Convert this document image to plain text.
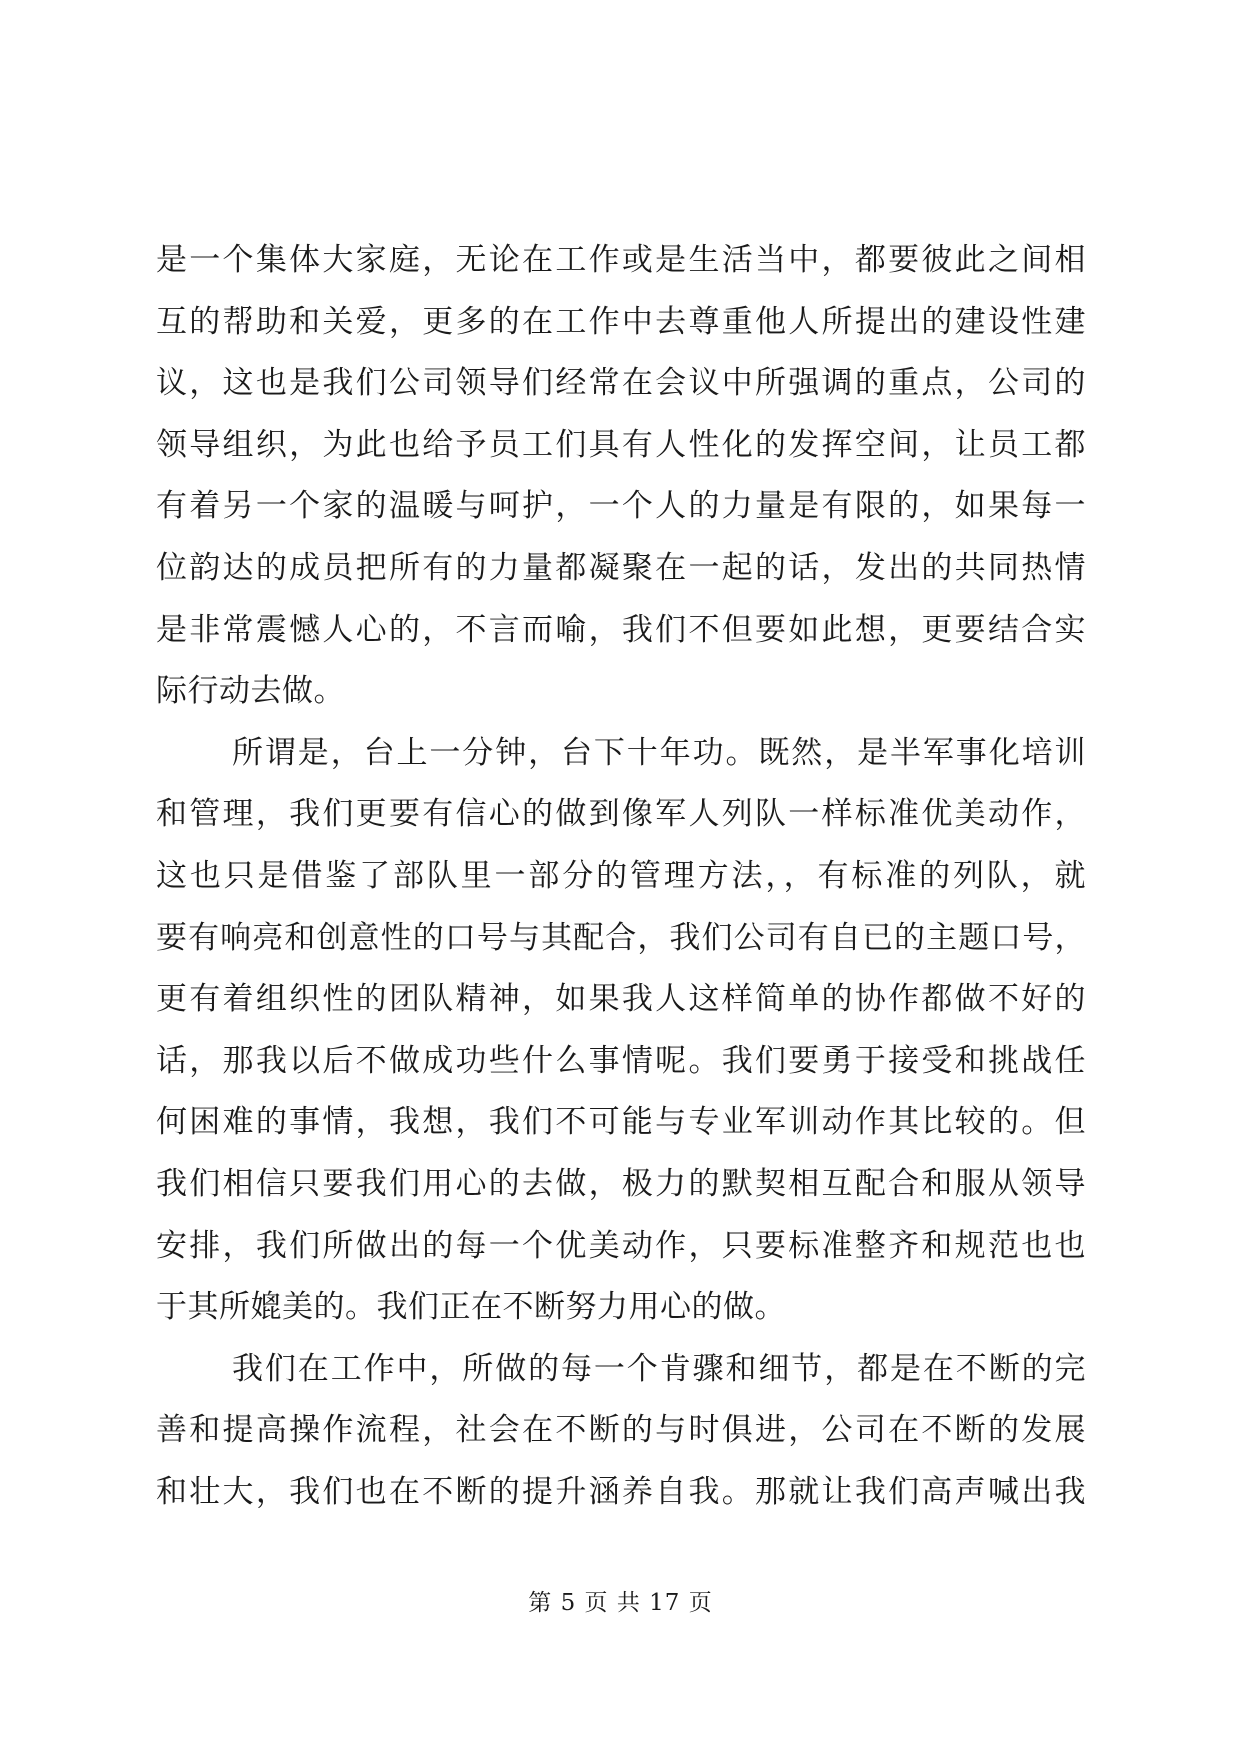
是一个集体大家庭，无论在工作或是生活当中，都要彼此之间相
互的帮助和关爱，更多的在工作中去尊重他人所提出的建设性建
议，这也是我们公司领导们经常在会议中所强调的重点，公司的
领导组织，为此也给予员工们具有人性化的发挥空间，让员工都
有着另一个家的温暖与呵护，一个人的力量是有限的，如果每一
位韵达的成员把所有的力量都凝聚在一起的话，发出的共同热情
是非常震憾人心的，不言而喻，我们不但要如此想，更要结合实
际行动去做。
所谓是，台上一分钟，台下十年功。既然，是半军事化培训
和管理，我们更要有信心的做到像军人列队一样标准优美动作，
这也只是借鉴了部队里一部分的管理方法，，有标准的列队，就
要有响亮和创意性的口号与其配合，我们公司有自已的主题口号，
更有着组织性的团队精神，如果我人这样简单的协作都做不好的
话，那我以后不做成功些什么事情呢。我们要勇于接受和挑战任
何困难的事情，我想，我们不可能与专业军训动作其比较的。但
我们相信只要我们用心的去做，极力的默契相互配合和服从领导
安排，我们所做出的每一个优美动作，只要标准整齐和规范也也
于其所媲美的。我们正在不断努力用心的做。
我们在工作中，所做的每一个肯骤和细节，都是在不断的完
善和提高操作流程，社会在不断的与时俱进，公司在不断的发展
和壮大，我们也在不断的提升涵养自我。那就让我们高声喊出我
第 5 页 共 17 页
